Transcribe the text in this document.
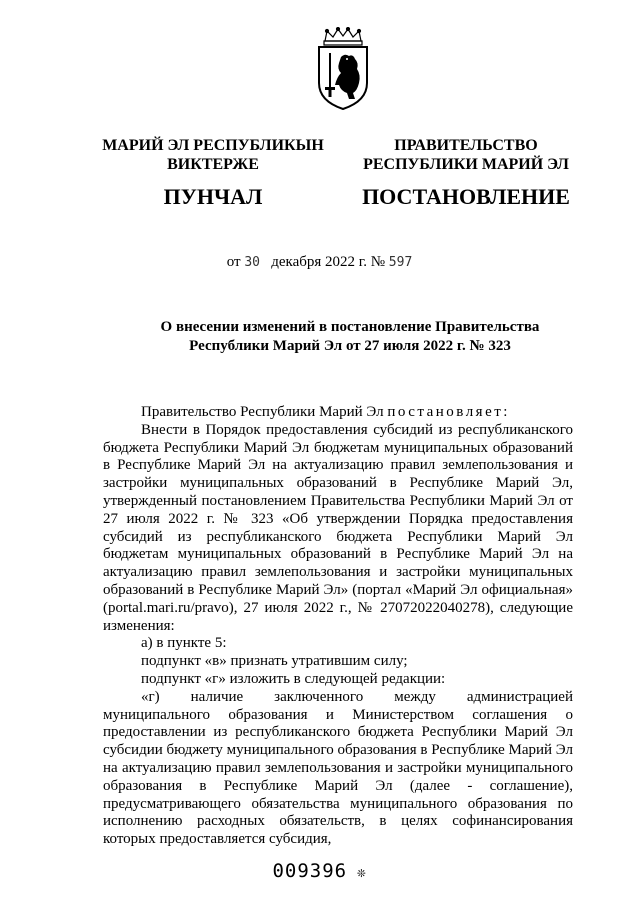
МАРИЙ ЭЛ РЕСПУБЛИКЫН
ВИКТЕРЖЕ
ПУНЧАЛ
ПРАВИТЕЛЬСТВО
РЕСПУБЛИКИ МАРИЙ ЭЛ
ПОСТАНОВЛЕНИЕ
от 30 декабря 2022 г. № 597
О внесении изменений в постановление Правительства
Республики Марий Эл от 27 июля 2022 г. № 323

Правительство Республики Марий Эл постановляет:

Внести в Порядок предоставления субсидий из республиканского бюджета Республики Марий Эл бюджетам муниципальных образований в Республике Марий Эл на актуализацию правил землепользования и застройки муниципальных образований в Республике Марий Эл, утвержденный постановлением Правительства Республики Марий Эл от 27 июля 2022 г. № 323 «Об утверждении Порядка предоставления субсидий из республиканского бюджета Республики Марий Эл бюджетам муниципальных образований в Республике Марий Эл на актуализацию правил землепользования и застройки муниципальных образований в Республике Марий Эл» (портал «Марий Эл официальная» (portal.mari.ru/pravo), 27 июля 2022 г., № 27072022040278), следующие изменения:

а) в пункте 5:

подпункт «в» признать утратившим силу;

подпункт «г» изложить в следующей редакции:

«г) наличие заключенного между администрацией муниципального образования и Министерством соглашения о предоставлении из республиканского бюджета Республики Марий Эл субсидии бюджету муниципального образования в Республике Марий Эл на актуализацию правил землепользования и застройки муниципального образования в Республике Марий Эл (далее - соглашение), предусматривающего обязательства муниципального образования по исполнению расходных обязательств, в целях софинансирования которых предоставляется субсидия,

009396 ❊
